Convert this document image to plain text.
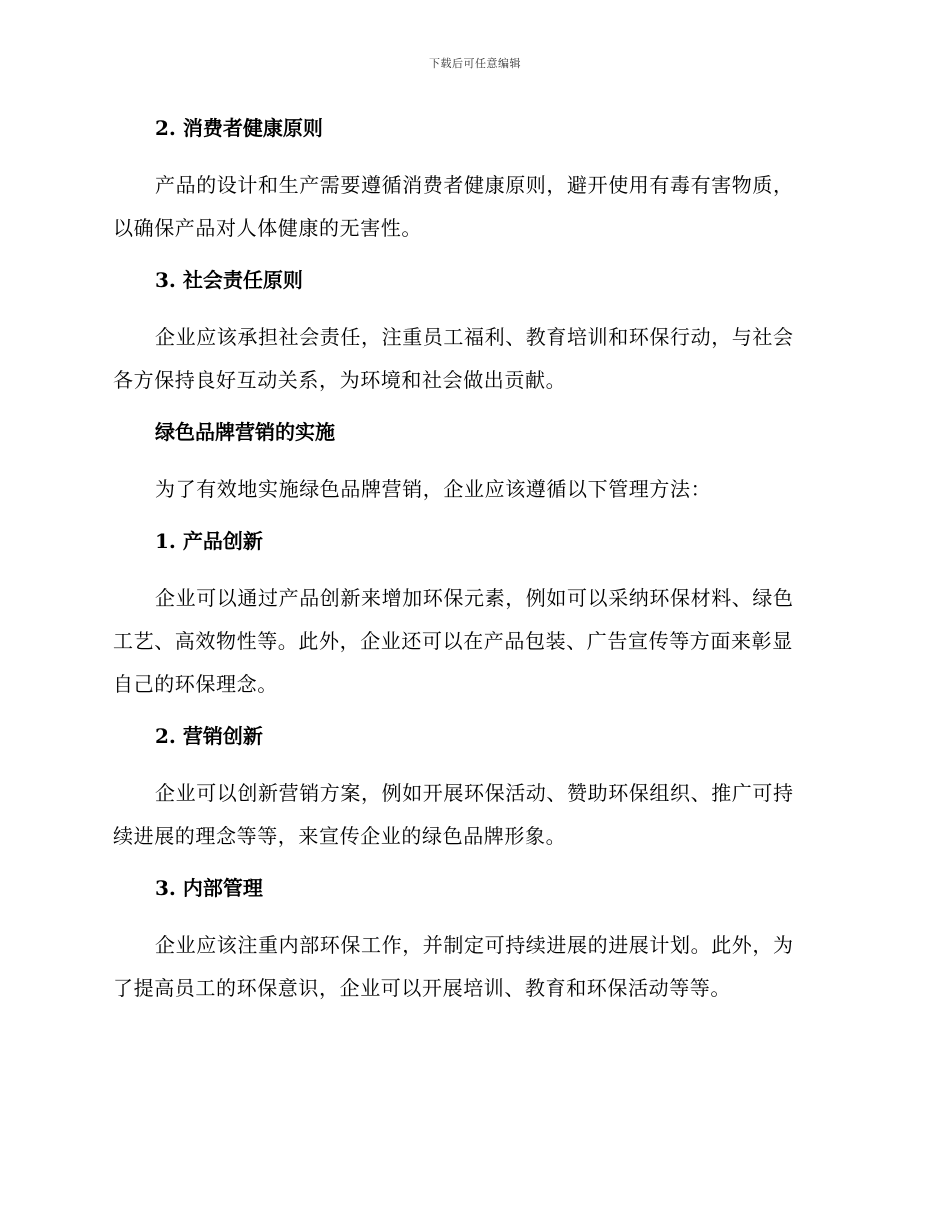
下载后可任意编辑
2. 消费者健康原则
产品的设计和生产需要遵循消费者健康原则，避开使用有毒有害物质，
以确保产品对人体健康的无害性。
3. 社会责任原则
企业应该承担社会责任，注重员工福利、教育培训和环保行动，与社会
各方保持良好互动关系，为环境和社会做出贡献。
绿色品牌营销的实施
为了有效地实施绿色品牌营销，企业应该遵循以下管理方法：
1. 产品创新
企业可以通过产品创新来增加环保元素，例如可以采纳环保材料、绿色
工艺、高效物性等。此外，企业还可以在产品包装、广告宣传等方面来彰显
自己的环保理念。
2. 营销创新
企业可以创新营销方案，例如开展环保活动、赞助环保组织、推广可持
续进展的理念等等，来宣传企业的绿色品牌形象。
3. 内部管理
企业应该注重内部环保工作，并制定可持续进展的进展计划。此外，为
了提高员工的环保意识，企业可以开展培训、教育和环保活动等等。
